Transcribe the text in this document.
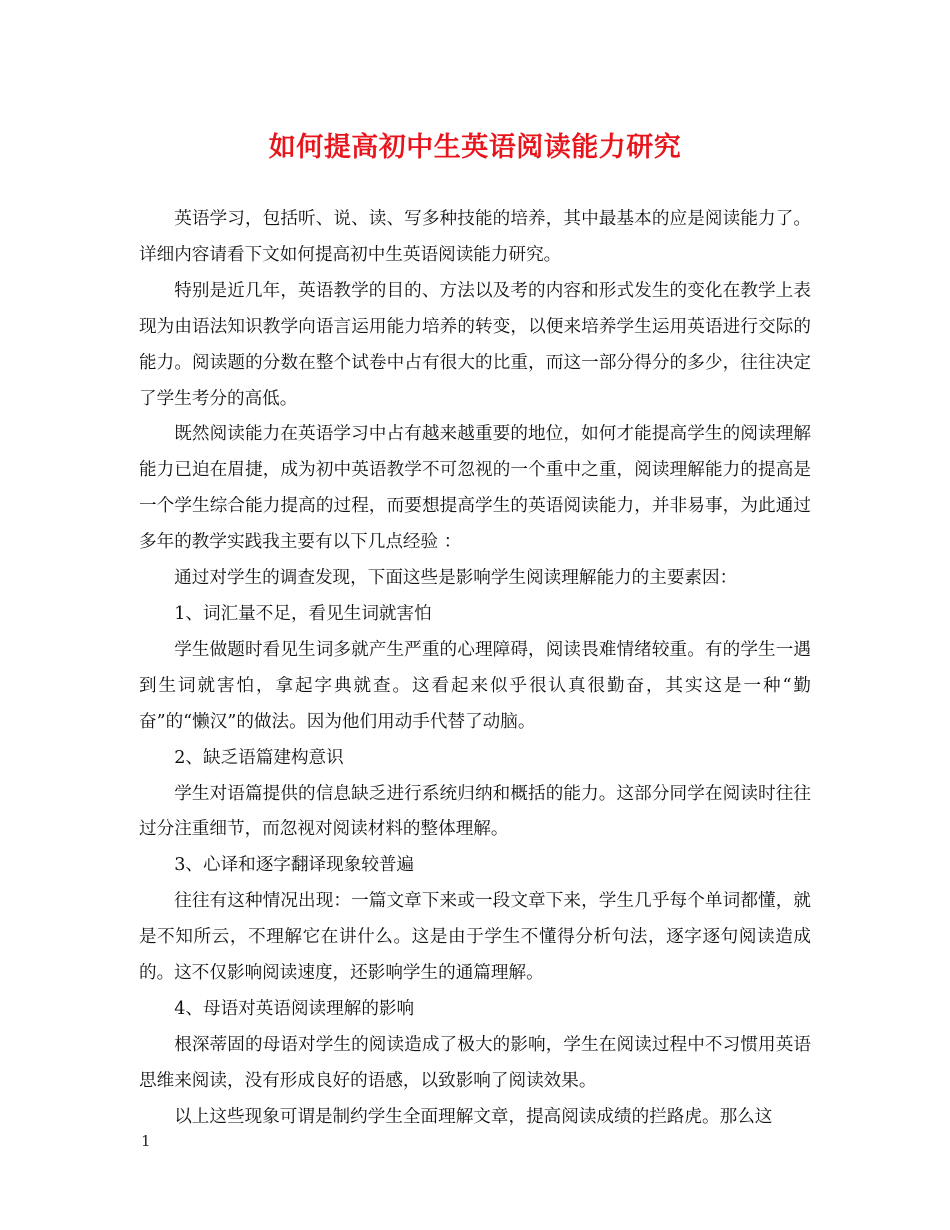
如何提高初中生英语阅读能力研究

英语学习，包括听、说、读、写多种技能的培养，其中最基本的应是阅读能力了。 详细内容请看下文如何提高初中生英语阅读能力研究。

特别是近几年，英语教学的目的、方法以及考的内容和形式发生的变化在教学上表现为由语法知识教学向语言运用能力培养的转变，以便来培养学生运用英语进行交际的能力。阅读题的分数在整个试卷中占有很大的比重，而这一部分得分的多少，往往决定了学生考分的高低。

既然阅读能力在英语学习中占有越来越重要的地位，如何才能提高学生的阅读理解能力已迫在眉捷，成为初中英语教学不可忽视的一个重中之重，阅读理解能力的提高是一个学生综合能力提高的过程，而要想提高学生的英语阅读能力，并非易事，为此通过多年的教学实践我主要有以下几点经验 ：

通过对学生的调查发现，下面这些是影响学生阅读理解能力的主要素因：

1、词汇量不足，看见生词就害怕

学生做题时看见生词多就产生严重的心理障碍，阅读畏难情绪较重。有的学生一遇到生词就害怕，拿起字典就查。这看起来似乎很认真很勤奋，其实这是一种“勤奋”的“懒汉”的做法。因为他们用动手代替了动脑。

2、缺乏语篇建构意识

学生对语篇提供的信息缺乏进行系统归纳和概括的能力。这部分同学在阅读时往往过分注重细节，而忽视对阅读材料的整体理解。

3、心译和逐字翻译现象较普遍

往往有这种情况出现：一篇文章下来或一段文章下来，学生几乎每个单词都懂，就是不知所云，不理解它在讲什么。这是由于学生不懂得分析句法，逐字逐句阅读造成的。这不仅影响阅读速度，还影响学生的通篇理解。

4、母语对英语阅读理解的影响

根深蒂固的母语对学生的阅读造成了极大的影响，学生在阅读过程中不习惯用英语思维来阅读，没有形成良好的语感，以致影响了阅读效果。

以上这些现象可谓是制约学生全面理解文章，提高阅读成绩的拦路虎。那么这

1
